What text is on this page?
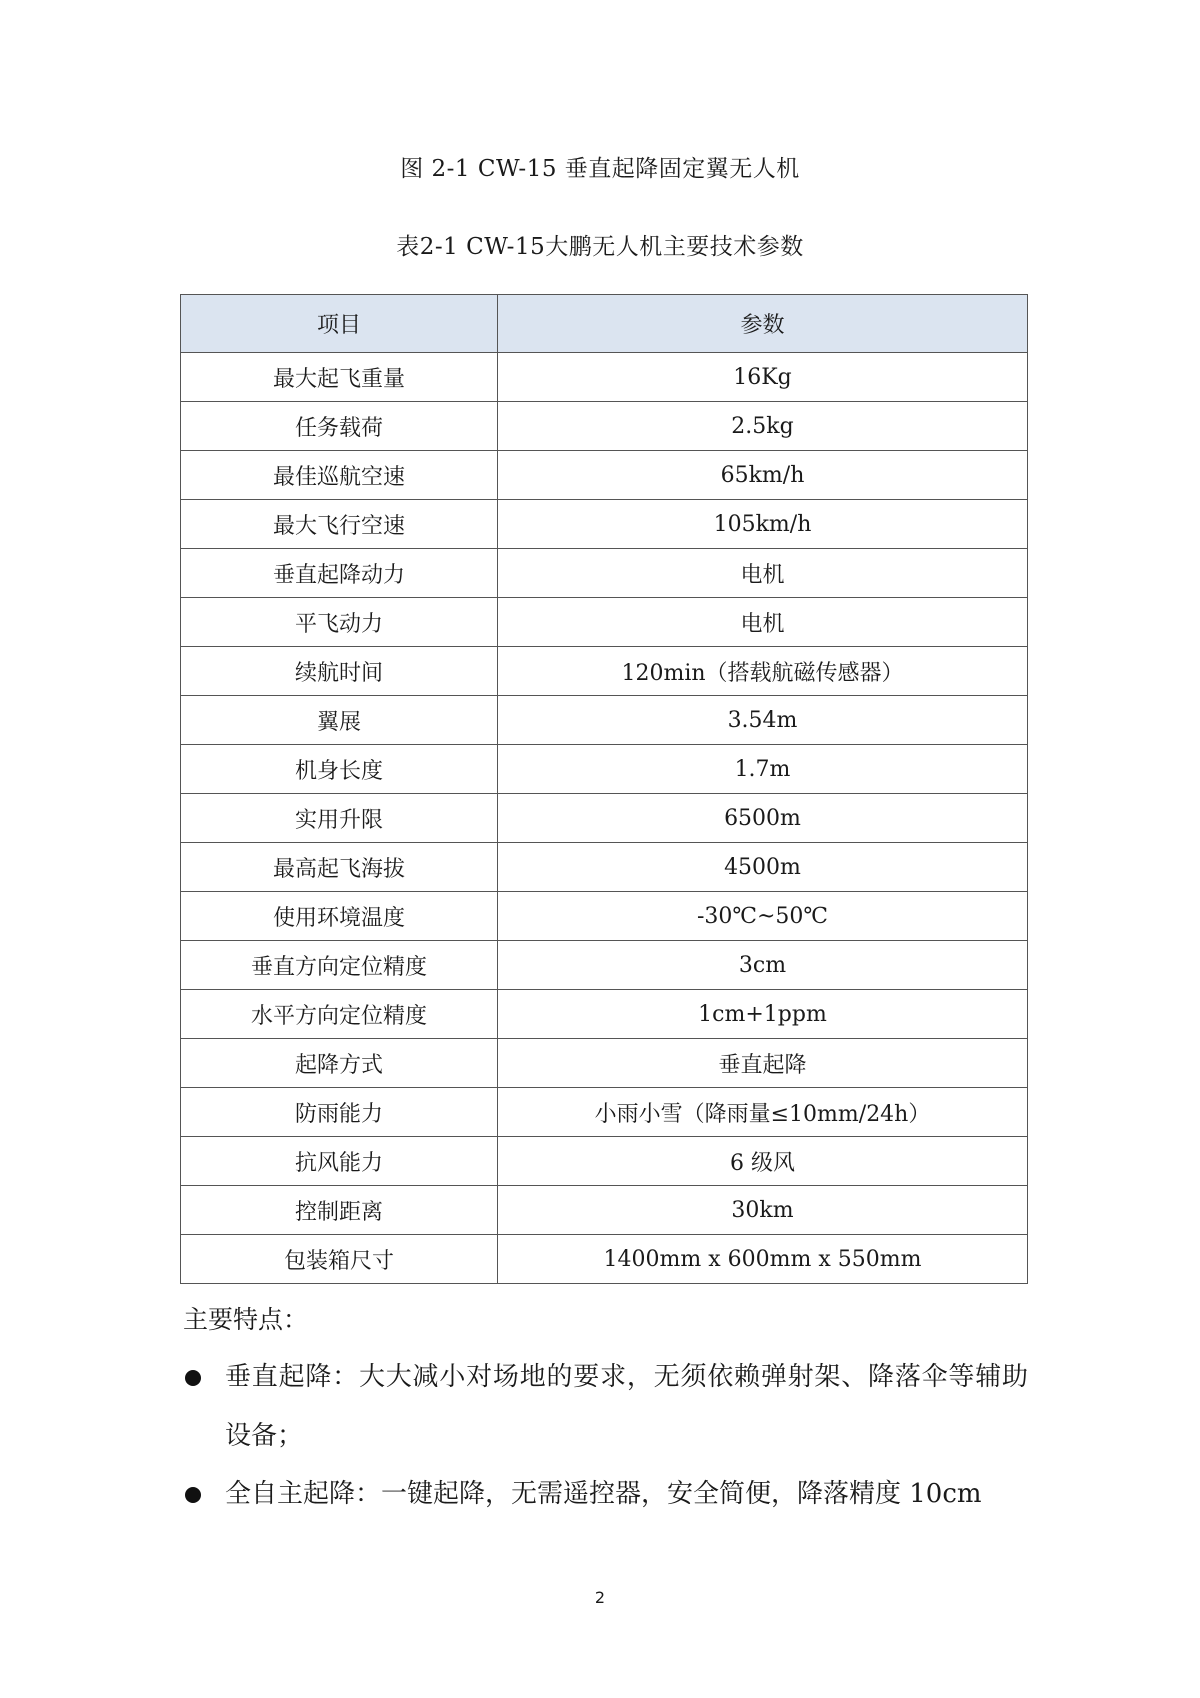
图 2-1 CW-15 垂直起降固定翼无人机
表2-1 CW-15大鹏无人机主要技术参数
项目	参数
最大起飞重量	16Kg
任务载荷	2.5kg
最佳巡航空速	65km/h
最大飞行空速	105km/h
垂直起降动力	电机
平飞动力	电机
续航时间	120min（搭载航磁传感器）
翼展	3.54m
机身长度	1.7m
实用升限	6500m
最高起飞海拔	4500m
使用环境温度	-30℃~50℃
垂直方向定位精度	3cm
水平方向定位精度	1cm+1ppm
起降方式	垂直起降
防雨能力	小雨小雪（降雨量≤10mm/24h）
抗风能力	6 级风
控制距离	30km
包装箱尺寸	1400mm x 600mm x 550mm
主要特点：
垂直起降：大大减小对场地的要求，无须依赖弹射架、降落伞等辅助设备；
全自主起降：一键起降，无需遥控器，安全简便，降落精度 10cm
2
